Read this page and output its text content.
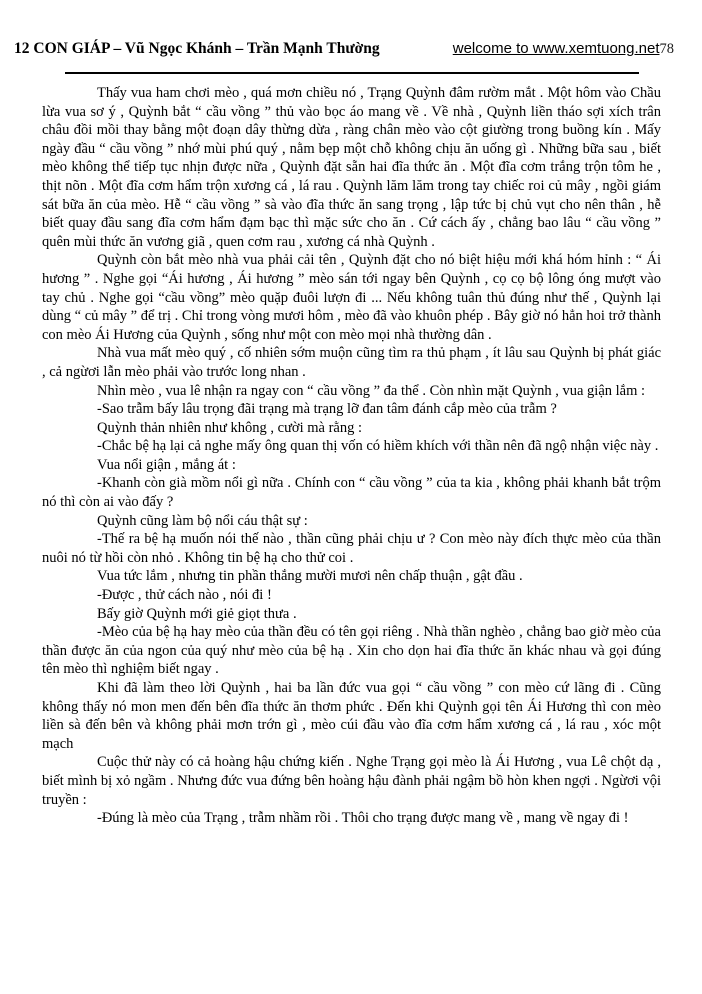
12 CON GIÁP – Vũ Ngọc Khánh – Trần Mạnh Thường	welcome to www.xemtuong.net 78

Thấy vua ham chơi mèo , quá mơn chiều nó , Trạng Quỳnh đâm rườm mắt . Một hôm vào Chầu lừa vua sơ ý , Quỳnh bắt “ cầu vồng ” thủ vào bọc áo mang về . Về nhà , Quỳnh liền tháo sợi xích trân châu đồi mồi thay bằng một đoạn dây thừng dừa , ràng chân mèo vào cột giường trong buồng kín . Mấy ngày đầu “ cầu vồng ” nhớ mùi phú quý , nằm bẹp một chỗ không chịu ăn uống gì . Những bữa sau , biết mèo không thể tiếp tục nhịn được nữa , Quỳnh đặt sẵn hai đĩa thức ăn . Một đĩa cơm trắng trộn tôm he , thịt nõn . Một đĩa cơm hẩm trộn xương cá , lá rau . Quỳnh lăm lăm trong tay chiếc roi củ mây , ngồi giám sát bữa ăn của mèo. Hễ “ cầu vồng ” sà vào đĩa thức ăn sang trọng , lập tức bị chủ vụt cho nên thân , hễ biết quay đầu sang đĩa cơm hẩm đạm bạc thì mặc sức cho ăn . Cứ cách ấy , chẳng bao lâu “ cầu vồng ” quên mùi thức ăn vương giã , quen cơm rau , xương cá nhà Quỳnh .

Quỳnh còn bắt mèo nhà vua phải cải tên , Quỳnh đặt cho nó biệt hiệu mới khá hóm hỉnh : “ Ái hương ” . Nghe gọi “Ái hương , Ái hương ” mèo sán tới ngay bên Quỳnh , cọ cọ bộ lông óng mượt vào tay chủ . Nghe gọi “cầu vồng” mèo quặp đuôi lượn đi ... Nếu không tuân thủ đúng như thế , Quỳnh lại dùng “ củ mây ” để trị . Chỉ trong vòng mươi hôm , mèo đã vào khuôn phép . Bây giờ nó hẳn hoi trở thành con mèo Ái Hương của Quỳnh , sống như một con mèo mọi nhà thường dân .

Nhà vua mất mèo quý , cố nhiên sớm muộn cũng tìm ra thủ phạm , ít lâu sau Quỳnh bị phát giác , cả ngừơi lẫn mèo phải vào trước long nhan .

Nhìn mèo , vua lê nhận ra ngay con “ cầu vồng ” đa thể . Còn nhìn mặt Quỳnh , vua giận lắm :

-Sao trẫm bấy lâu trọng đãi trạng mà trạng lỡ đan tâm đánh cắp mèo của trẫm ?

Quỳnh thản nhiên như không , cười mà rằng :

-Chắc bệ hạ lại cả nghe mấy ông quan thị vốn có hiềm khích với thần nên đã ngộ nhận việc này .

Vua nổi giận , mắng át :

-Khanh còn già mồm nổi gì nữa . Chính con “ cầu vồng ” của ta kia , không phải khanh bắt trộm nó thì còn ai vào đấy ?

Quỳnh cũng làm bộ nổi cáu thật sự :

-Thế ra bệ hạ muốn nói thế nào , thần cũng phải chịu ư ? Con mèo này đích thực mèo của thần nuôi nó từ hồi còn nhỏ . Không tin bệ hạ cho thử coi .

Vua tức lắm , nhưng tin phần thắng mười mươi nên chấp thuận , gật đầu .

-Được , thử cách nào , nói đi !

Bấy giờ Quỳnh mới giẻ giọt thưa .

-Mèo của bệ hạ hay mèo của thần đều có tên gọi riêng . Nhà thần nghèo , chẳng bao giờ mèo của thần được ăn của ngon của quý như mèo của bệ hạ . Xin cho dọn hai đĩa thức ăn khác nhau và gọi đúng tên mèo thì nghiệm biết ngay .

Khi đã làm theo lời Quỳnh , hai ba lần đức vua gọi “ cầu vồng ” con mèo cứ lãng đi . Cũng không thấy nó mon men đến bên đĩa thức ăn thơm phức . Đến khi Quỳnh gọi tên Ái Hương thì con mèo liền sà đến bên và không phải mơn trớn gì , mèo cúi đầu vào đĩa cơm hẩm xương cá , lá rau , xóc một mạch

Cuộc thử này có cả hoàng hậu chứng kiến . Nghe Trạng gọi mèo là Ái Hương , vua Lê chột dạ , biết mình bị xỏ ngầm . Nhưng đức vua đứng bên hoàng hậu đành phải ngậm bồ hòn khen ngợi . Ngừơi vội truyền :

-Đúng là mèo của Trạng , trẫm nhầm rồi . Thôi cho trạng được mang về , mang về ngay đi !
